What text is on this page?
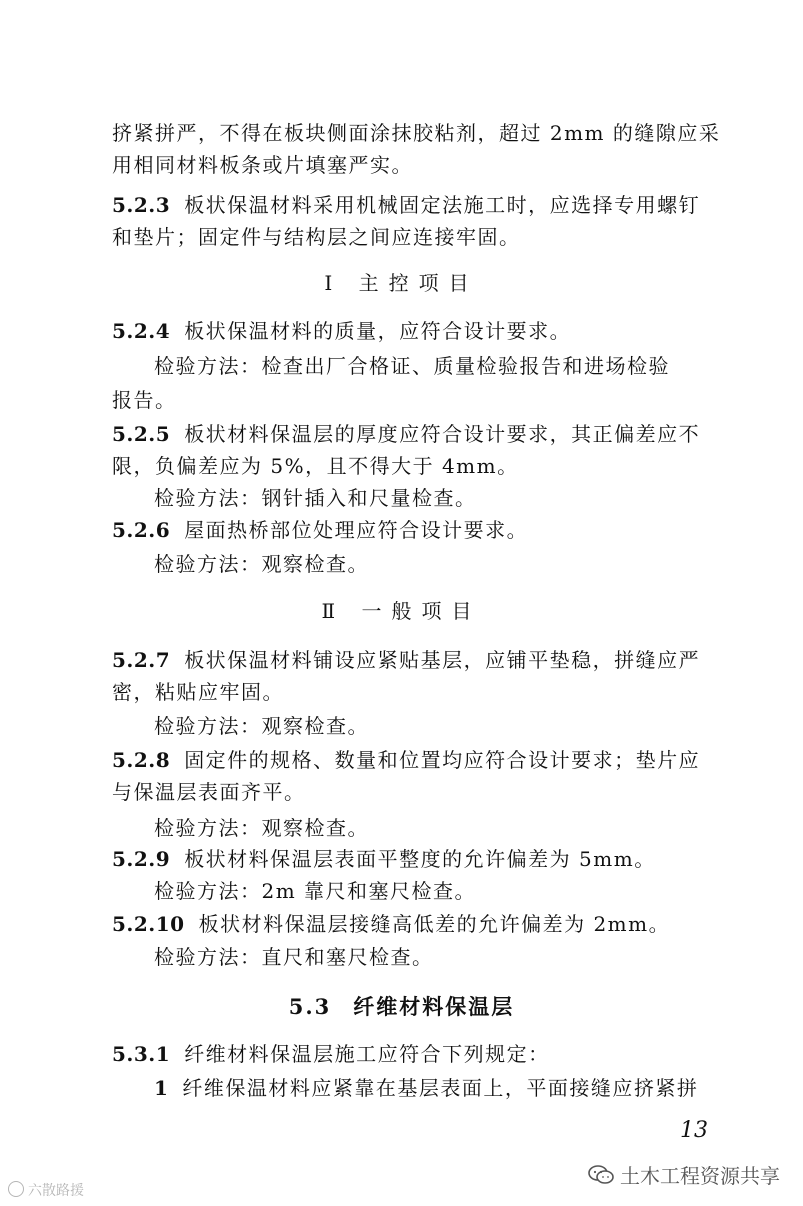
挤紧拼严，不得在板块侧面涂抹胶粘剂，超过 2mm 的缝隙应采
用相同材料板条或片填塞严实。
5.2.3 板状保温材料采用机械固定法施工时，应选择专用螺钉
和垫片；固定件与结构层之间应连接牢固。
Ⅰ 主控项目
5.2.4 板状保温材料的质量，应符合设计要求。
检验方法：检查出厂合格证、质量检验报告和进场检验
报告。
5.2.5 板状材料保温层的厚度应符合设计要求，其正偏差应不
限，负偏差应为 5%，且不得大于 4mm。
检验方法：钢针插入和尺量检查。
5.2.6 屋面热桥部位处理应符合设计要求。
检验方法：观察检查。
Ⅱ 一般项目
5.2.7 板状保温材料铺设应紧贴基层，应铺平垫稳，拼缝应严
密，粘贴应牢固。
检验方法：观察检查。
5.2.8 固定件的规格、数量和位置均应符合设计要求；垫片应
与保温层表面齐平。
检验方法：观察检查。
5.2.9 板状材料保温层表面平整度的允许偏差为 5mm。
检验方法：2m 靠尺和塞尺检查。
5.2.10 板状材料保温层接缝高低差的允许偏差为 2mm。
检验方法：直尺和塞尺检查。
5.3 纤维材料保温层
5.3.1 纤维材料保温层施工应符合下列规定：
1 纤维保温材料应紧靠在基层表面上，平面接缝应挤紧拼
13
土木工程资源共享
六散路援
